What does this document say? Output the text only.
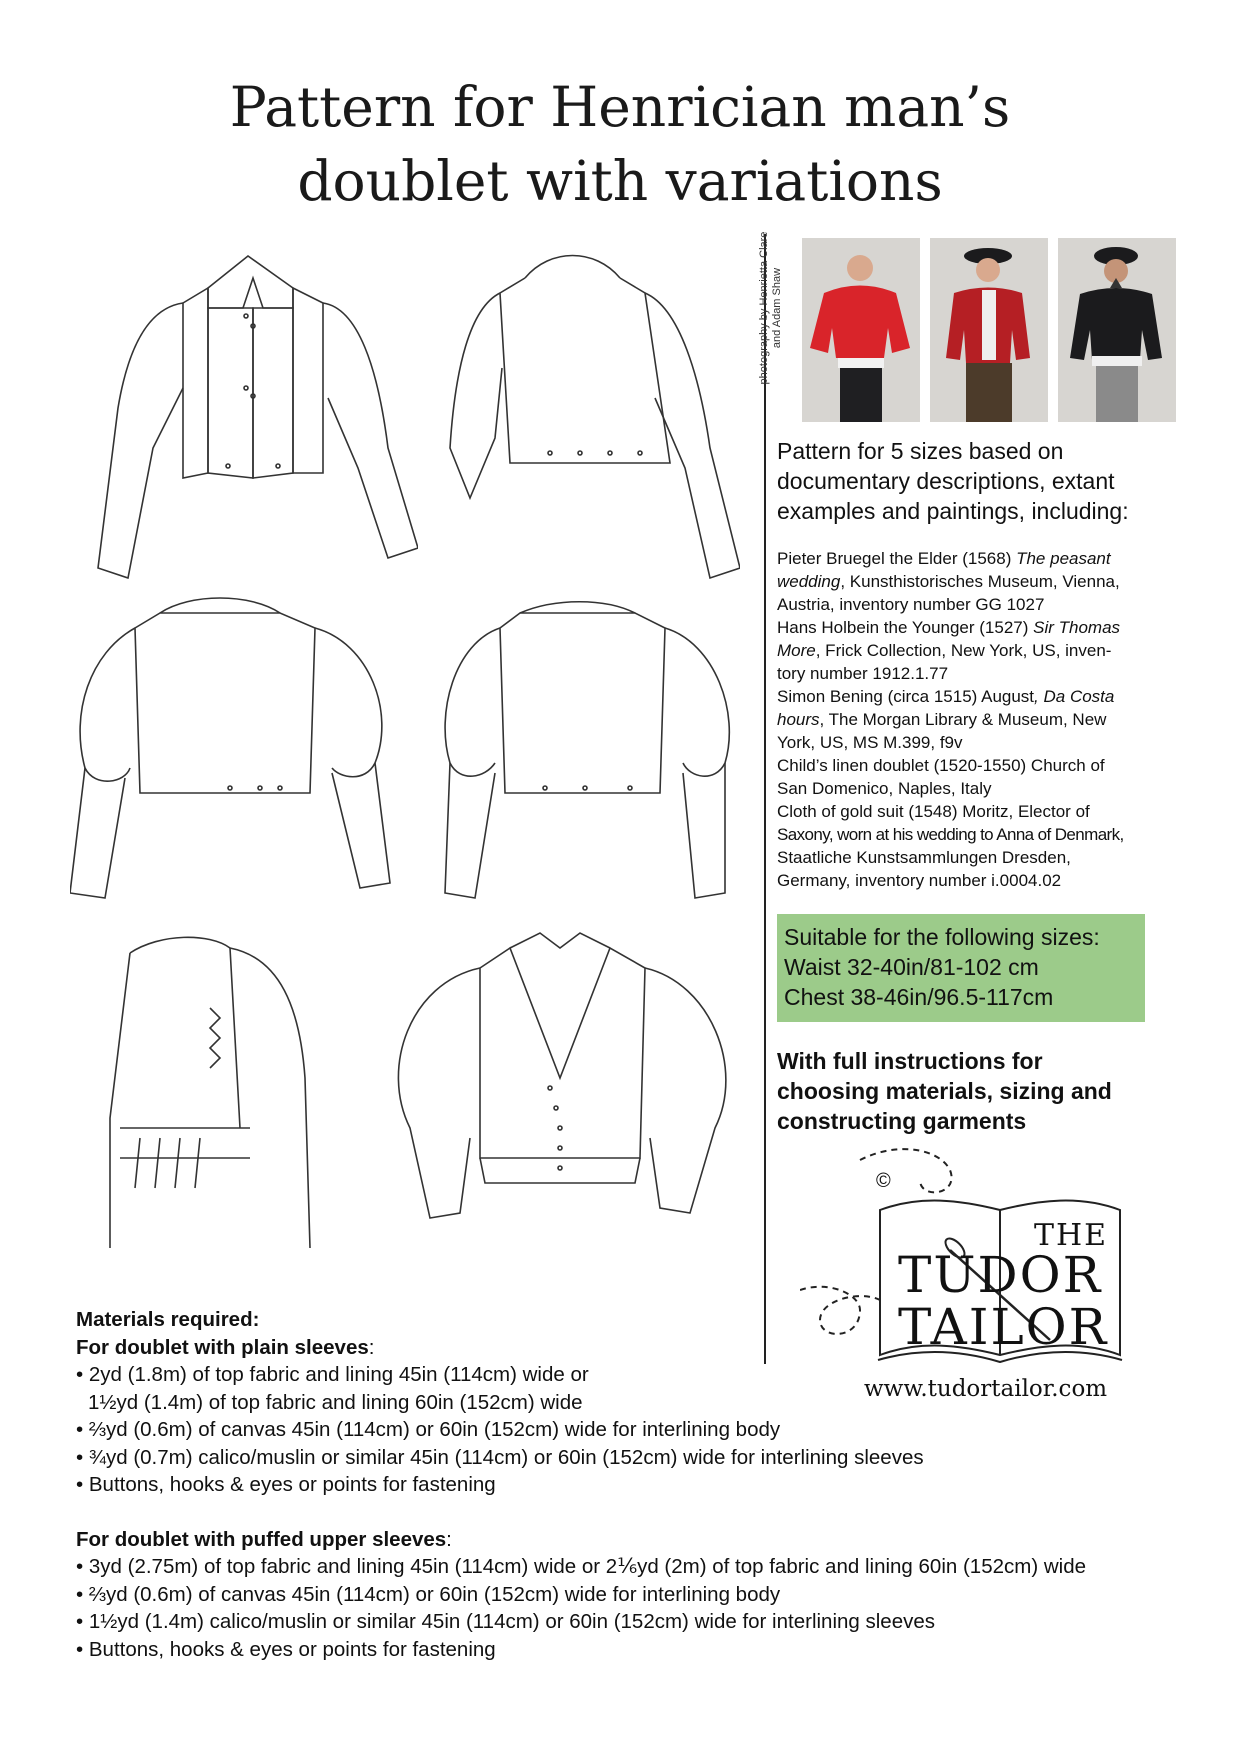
Pattern for Henrician man’s
doublet with variations
photography by Henrietta Clare and Adam Shaw
Pattern for 5 sizes based on
documentary descriptions, extant
examples and paintings, including:
Pieter Bruegel the Elder (1568) The peasant
wedding, Kunsthistorisches Museum, Vienna,
Austria, inventory number GG 1027
Hans Holbein the Younger (1527) Sir Thomas
More, Frick Collection, New York, US, inven-
tory number 1912.1.77
Simon Bening (circa 1515) August, Da Costa
hours, The Morgan Library & Museum, New
York, US, MS M.399, f9v
Child’s linen doublet (1520-1550) Church of
San Domenico, Naples, Italy
Cloth of gold suit (1548) Moritz, Elector of
Saxony, worn at his wedding to Anna of Denmark,
Staatliche Kunstsammlungen Dresden,
Germany, inventory number i.0004.02
Suitable for the following sizes:
Waist 32-40in/81-102 cm
Chest 38-46in/96.5-117cm
With full instructions for
choosing materials, sizing and
constructing garments
©
THE
TUDOR
TAILOR
www.tudortailor.com
Materials required:
For doublet with plain sleeves:
• 2yd (1.8m) of top fabric and lining 45in (114cm) wide or
1½yd (1.4m) of top fabric and lining 60in (152cm) wide
• ⅔yd (0.6m) of canvas 45in (114cm) or 60in (152cm) wide for interlining body
• ¾yd (0.7m) calico/muslin or similar 45in (114cm) or 60in (152cm) wide for interlining sleeves
• Buttons, hooks & eyes or points for fastening
For doublet with puffed upper sleeves:
• 3yd (2.75m) of top fabric and lining 45in (114cm) wide or 2⅙yd (2m) of top fabric and lining 60in (152cm) wide
• ⅔yd (0.6m) of canvas 45in (114cm) or 60in (152cm) wide for interlining body
• 1½yd (1.4m) calico/muslin or similar 45in (114cm) or 60in (152cm) wide for interlining sleeves
• Buttons, hooks & eyes or points for fastening
